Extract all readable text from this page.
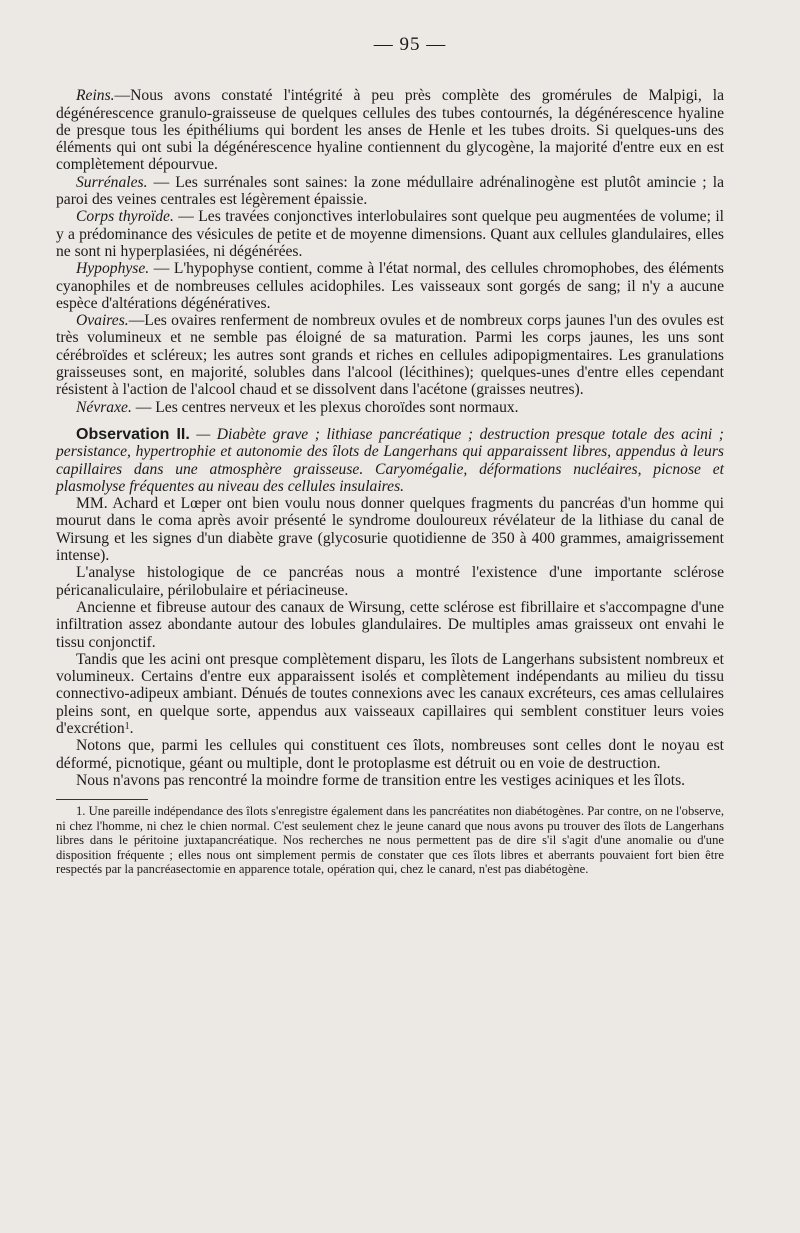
— 95 —

Reins.—Nous avons constaté l'intégrité à peu près complète des gromérules de Malpigi, la dégénérescence granulo-graisseuse de quelques cellules des tubes contournés, la dégénérescence hyaline de presque tous les épithéliums qui bordent les anses de Henle et les tubes droits. Si quelques-uns des éléments qui ont subi la dégénérescence hyaline contiennent du glycogène, la majorité d'entre eux en est complètement dépourvue.

Surrénales. — Les surrénales sont saines: la zone médullaire adrénalinogène est plutôt amincie ; la paroi des veines centrales est légèrement épaissie.

Corps thyroïde. — Les travées conjonctives interlobulaires sont quelque peu augmentées de volume; il y a prédominance des vésicules de petite et de moyenne dimensions. Quant aux cellules glandulaires, elles ne sont ni hyperplasiées, ni dégénérées.

Hypophyse. — L'hypophyse contient, comme à l'état normal, des cellules chromophobes, des éléments cyanophiles et de nombreuses cellules acidophiles. Les vaisseaux sont gorgés de sang; il n'y a aucune espèce d'altérations dégénératives.

Ovaires.—Les ovaires renferment de nombreux ovules et de nombreux corps jaunes l'un des ovules est très volumineux et ne semble pas éloigné de sa maturation. Parmi les corps jaunes, les uns sont cérébroïdes et scléreux; les autres sont grands et riches en cellules adipopigmentaires. Les granulations graisseuses sont, en majorité, solubles dans l'alcool (lécithines); quelques-unes d'entre elles cependant résistent à l'action de l'alcool chaud et se dissolvent dans l'acétone (graisses neutres).

Névraxe. — Les centres nerveux et les plexus choroïdes sont normaux.

Observation II. — Diabète grave ; lithiase pancréatique ; destruction presque totale des acini ; persistance, hypertrophie et autonomie des îlots de Langerhans qui apparaissent libres, appendus à leurs capillaires dans une atmosphère graisseuse. Caryomégalie, déformations nucléaires, picnose et plasmolyse fréquentes au niveau des cellules insulaires.

MM. Achard et Lœper ont bien voulu nous donner quelques fragments du pancréas d'un homme qui mourut dans le coma après avoir présenté le syndrome douloureux révélateur de la lithiase du canal de Wirsung et les signes d'un diabète grave (glycosurie quotidienne de 350 à 400 grammes, amaigrissement intense).

L'analyse histologique de ce pancréas nous a montré l'existence d'une importante sclérose péricanaliculaire, périlobulaire et périacineuse.

Ancienne et fibreuse autour des canaux de Wirsung, cette sclérose est fibrillaire et s'accompagne d'une infiltration assez abondante autour des lobules glandulaires. De multiples amas graisseux ont envahi le tissu conjonctif.

Tandis que les acini ont presque complètement disparu, les îlots de Langerhans subsistent nombreux et volumineux. Certains d'entre eux apparaissent isolés et complètement indépendants au milieu du tissu connectivo-adipeux ambiant. Dénués de toutes connexions avec les canaux excréteurs, ces amas cellulaires pleins sont, en quelque sorte, appendus aux vaisseaux capillaires qui semblent constituer leurs voies d'excrétion$^1$.

Notons que, parmi les cellules qui constituent ces îlots, nombreuses sont celles dont le noyau est déformé, picnotique, géant ou multiple, dont le protoplasme est détruit ou en voie de destruction.

Nous n'avons pas rencontré la moindre forme de transition entre les vestiges aciniques et les îlots.

1. Une pareille indépendance des îlots s'enregistre également dans les pancréatites non diabétogènes. Par contre, on ne l'observe, ni chez l'homme, ni chez le chien normal. C'est seulement chez le jeune canard que nous avons pu trouver des îlots de Langerhans libres dans le péritoine juxtapancréatique. Nos recherches ne nous permettent pas de dire s'il s'agit d'une anomalie ou d'une disposition fréquente ; elles nous ont simplement permis de constater que ces îlots libres et aberrants pouvaient fort bien être respectés par la pancréasectomie en apparence totale, opération qui, chez le canard, n'est pas diabétogène.
